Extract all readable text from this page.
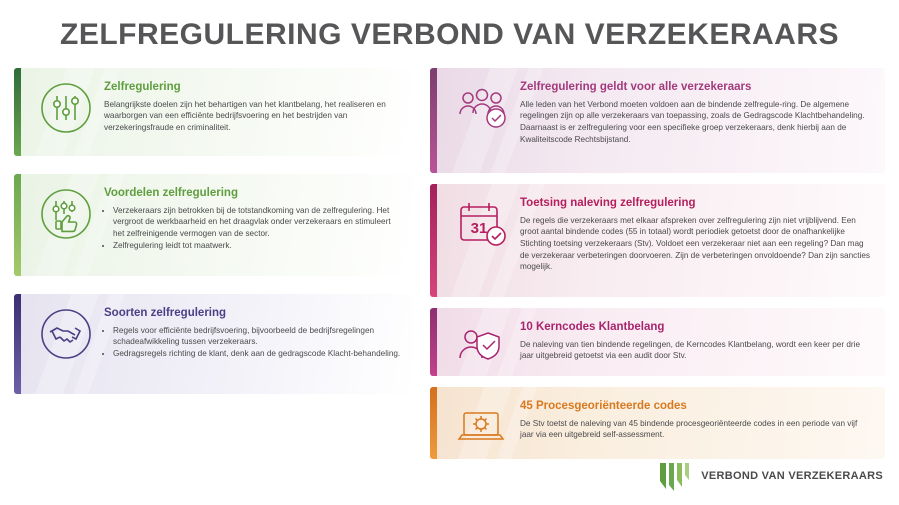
ZELFREGULERING VERBOND VAN VERZEKERAARS
Zelfregulering

Belangrijkste doelen zijn het behartigen van het klantbelang, het realiseren en waarborgen van een efficiënte bedrijfsvoering en het bestrijden van verzekeringsfraude en criminaliteit.

Voordelen zelfregulering
• Verzekeraars zijn betrokken bij de totstandkoming van de zelfregulering. Het vergroot de werkbaarheid en het draagvlak onder verzekeraars en stimuleert het zelfreinigende vermogen van de sector.
• Zelfregulering leidt tot maatwerk.
Soorten zelfregulering
• Regels voor efficiënte bedrijfsvoering, bijvoorbeeld de bedrijfsregelingen schadeafwikkeling tussen verzekeraars.
• Gedragsregels richting de klant, denk aan de gedragscode Klacht-behandeling.
Zelfregulering geldt voor alle verzekeraars

Alle leden van het Verbond moeten voldoen aan de bindende zelfregule-ring. De algemene regelingen zijn op alle verzekeraars van toepassing, zoals de Gedragscode Klachtbehandeling. Daarnaast is er zelfregulering voor een specifieke groep verzekeraars, denk hierbij aan de Kwaliteitscode Rechtsbijstand.

31
Toetsing naleving zelfregulering

De regels die verzekeraars met elkaar afspreken over zelfregulering zijn niet vrijblijvend. Een groot aantal bindende codes (55 in totaal) wordt periodiek getoetst door de onafhankelijke Stichting toetsing verzekeraars (Stv). Voldoet een verzekeraar niet aan een regeling? Dan mag de verzekeraar verbeteringen doorvoeren. Zijn de verbeteringen onvoldoende? Dan zijn sancties mogelijk.

10 Kerncodes Klantbelang

De naleving van tien bindende regelingen, de Kerncodes Klantbelang, wordt een keer per drie jaar uitgebreid getoetst via een audit door Stv.

45 Procesgeoriënteerde codes

De Stv toetst de naleving van 45 bindende procesgeoriënteerde codes in een periode van vijf jaar via een uitgebreid self-assessment.

VERBOND VAN VERZEKERAARS
